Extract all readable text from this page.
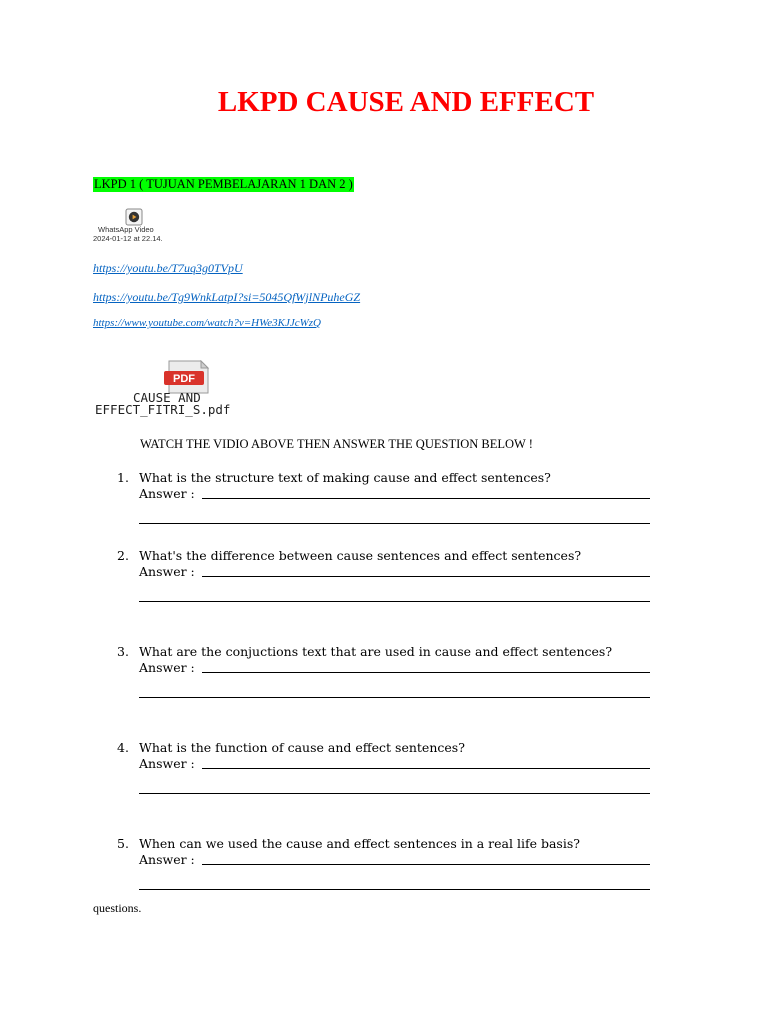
LKPD CAUSE AND EFFECT
LKPD 1 ( TUJUAN PEMBELAJARAN 1 DAN 2 )
WhatsApp Video
2024-01-12 at 22.14.
https://youtu.be/T7uq3g0TVpU
https://youtu.be/Tg9WnkLatpI?si=5045QfWjlNPuheGZ
https://www.youtube.com/watch?v=HWe3KJJcWzQ
PDF
CAUSE AND
EFFECT_FITRI_S.pdf
WATCH THE VIDIO ABOVE THEN ANSWER THE QUESTION BELOW !
1. What is the structure text of making cause and effect sentences?
Answer :
2. What's the difference between cause sentences and effect sentences?
Answer :
3. What are the conjuctions text that are used in cause and effect sentences?
Answer :
4. What is the function of cause and effect sentences?
Answer :
5. When can we used the cause and effect sentences in a real life basis?
Answer :
questions.
